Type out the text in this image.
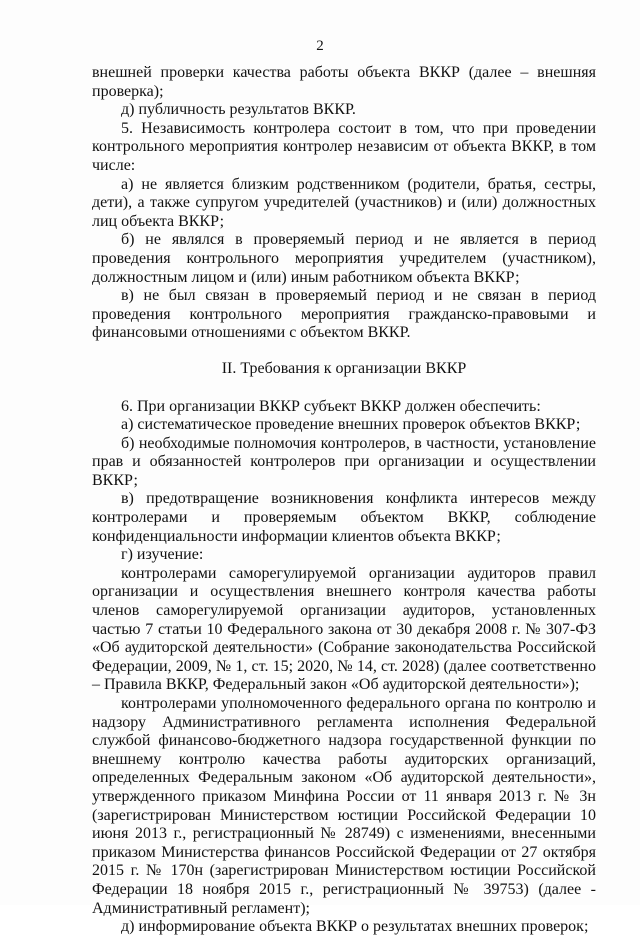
2

внешней проверки качества работы объекта ВККР (далее – внешняя проверка);

д) публичность результатов ВККР.

5. Независимость контролера состоит в том, что при проведении контрольного мероприятия контролер независим от объекта ВККР, в том числе:

а) не является близким родственником (родители, братья, сестры, дети), а также супругом учредителей (участников) и (или) должностных лиц объекта ВККР;

б) не являлся в проверяемый период и не является в период проведения контрольного мероприятия учредителем (участником), должностным лицом и (или) иным работником объекта ВККР;

в) не был связан в проверяемый период и не связан в период проведения контрольного мероприятия гражданско-правовыми и финансовыми отношениями с объектом ВККР.

II. Требования к организации ВККР

6. При организации ВККР субъект ВККР должен обеспечить:

а) систематическое проведение внешних проверок объектов ВККР;

б) необходимые полномочия контролеров, в частности, установление прав и обязанностей контролеров при организации и осуществлении ВККР;

в) предотвращение возникновения конфликта интересов между контролерами и проверяемым объектом ВККР, соблюдение конфиденциальности информации клиентов объекта ВККР;

г) изучение:

контролерами саморегулируемой организации аудиторов правил организации и осуществления внешнего контроля качества работы членов саморегулируемой организации аудиторов, установленных частью 7 статьи 10 Федерального закона от 30 декабря 2008 г. № 307-ФЗ «Об аудиторской деятельности» (Собрание законодательства Российской Федерации, 2009, № 1, ст. 15; 2020, № 14, ст. 2028) (далее соответственно – Правила ВККР, Федеральный закон «Об аудиторской деятельности»);

контролерами уполномоченного федерального органа по контролю и надзору Административного регламента исполнения Федеральной службой финансово-бюджетного надзора государственной функции по внешнему контролю качества работы аудиторских организаций, определенных Федеральным законом «Об аудиторской деятельности», утвержденного приказом Минфина России от 11 января 2013 г. № 3н (зарегистрирован Министерством юстиции Российской Федерации 10 июня 2013 г., регистрационный № 28749) с изменениями, внесенными приказом Министерства финансов Российской Федерации от 27 октября 2015 г. № 170н (зарегистрирован Министерством юстиции Российской Федерации 18 ноября 2015 г., регистрационный № 39753) (далее - Административный регламент);

д) информирование объекта ВККР о результатах внешних проверок;
